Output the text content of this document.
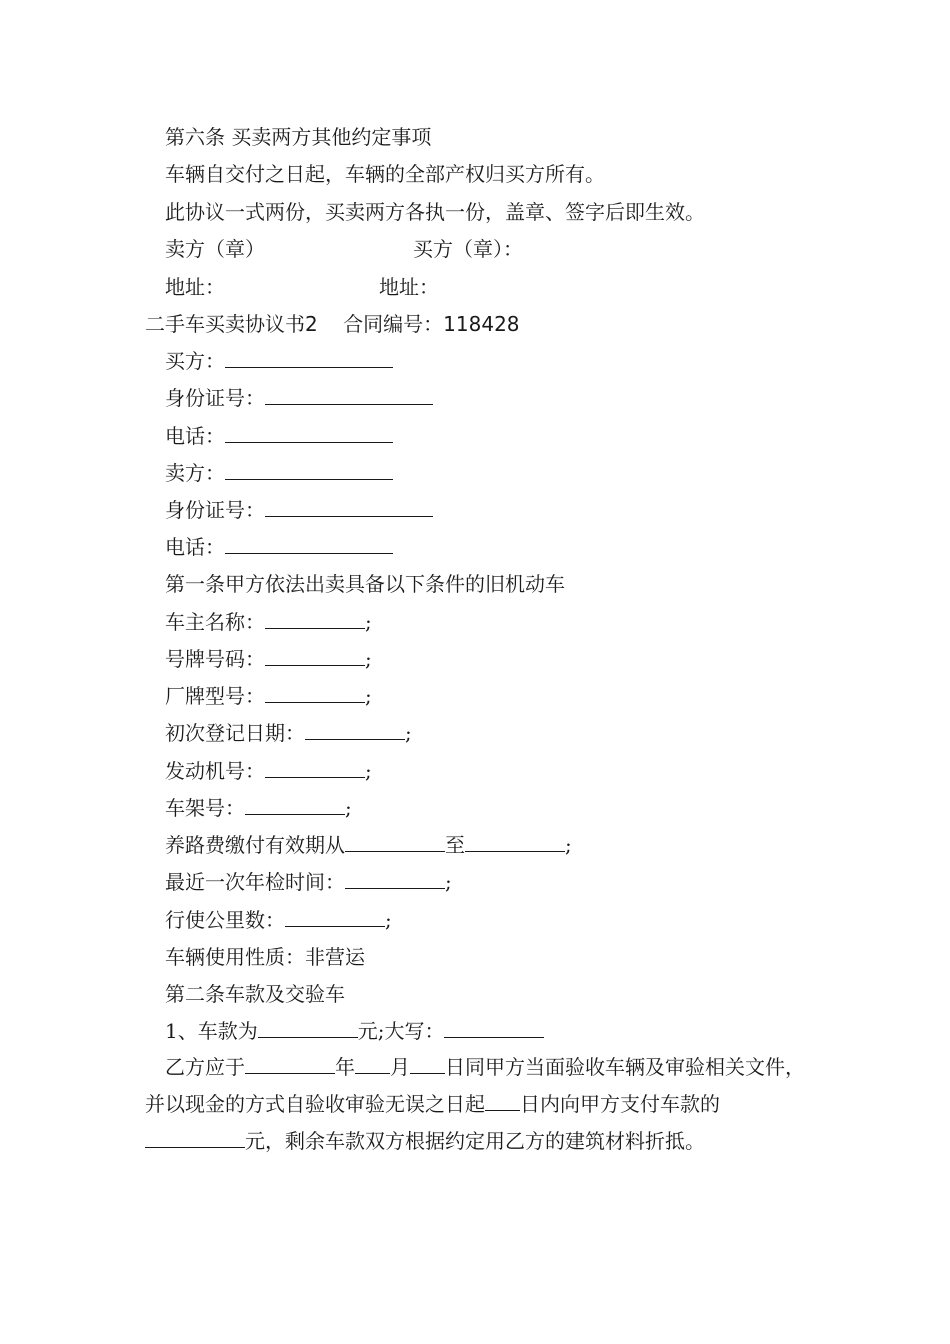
第六条 买卖两方其他约定事项
车辆自交付之日起，车辆的全部产权归买方所有。
此协议一式两份，买卖两方各执一份，盖章、签字后即生效。
卖方（章）	买方（章）：
地址：	地址：
二手车买卖协议书2 合同编号：118428
买方：
身份证号：
电话：
卖方：
身份证号：
电话：
第一条甲方依法出卖具备以下条件的旧机动车
车主名称：	;
号牌号码：	;
厂牌型号：	;
初次登记日期：	;
发动机号：	;
车架号：	;
养路费缴付有效期从	至	;
最近一次年检时间：	;
行使公里数：	;
车辆使用性质：非营运
第二条车款及交验车
1、车款为	元;大写：
乙方应于	年 月 日同甲方当面验收车辆及审验相关文件，并以现金的方式自验收审验无误之日起 日内向甲方支付车款的元，剩余车款双方根据约定用乙方的建筑材料折抵。
